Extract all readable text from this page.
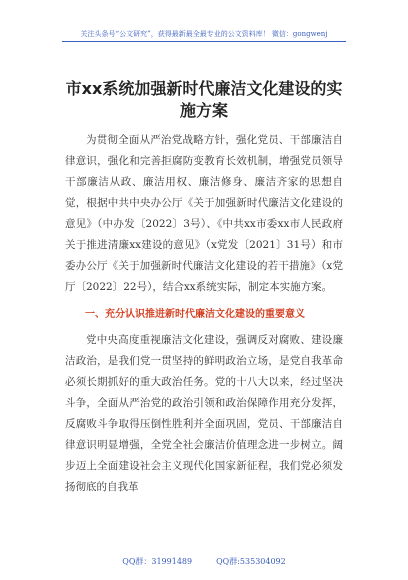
关注头条号“公文研究”，获得最新最全最专业的公文资料库！ 微信：gongwenj
市xx系统加强新时代廉洁文化建设的实施方案

为贯彻全面从严治党战略方针，强化党员、干部廉洁自律意识，强化和完善拒腐防变教育长效机制，增强党员领导干部廉洁从政、廉洁用权、廉洁修身、廉洁齐家的思想自觉，根据中共中央办公厅《关于加强新时代廉洁文化建设的意见》（中办发〔2022〕3号）、《中共xx市委xx市人民政府关于推进清廉xx建设的意见》（x党发〔2021〕31号）和市委办公厅《关于加强新时代廉洁文化建设的若干措施》（x党厅〔2022〕22号），结合xx系统实际，制定本实施方案。

一、充分认识推进新时代廉洁文化建设的重要意义

党中央高度重视廉洁文化建设，强调反对腐败、建设廉洁政治，是我们党一贯坚持的鲜明政治立场，是党自我革命必须长期抓好的重大政治任务。党的十八大以来，经过坚决斗争，全面从严治党的政治引领和政治保障作用充分发挥，反腐败斗争取得压倒性胜利并全面巩固，党员、干部廉洁自律意识明显增强，全党全社会廉洁价值理念进一步树立。阔步迈上全面建设社会主义现代化国家新征程，我们党必须发扬彻底的自我革

QQ群：31991489	QQ群:535304092
